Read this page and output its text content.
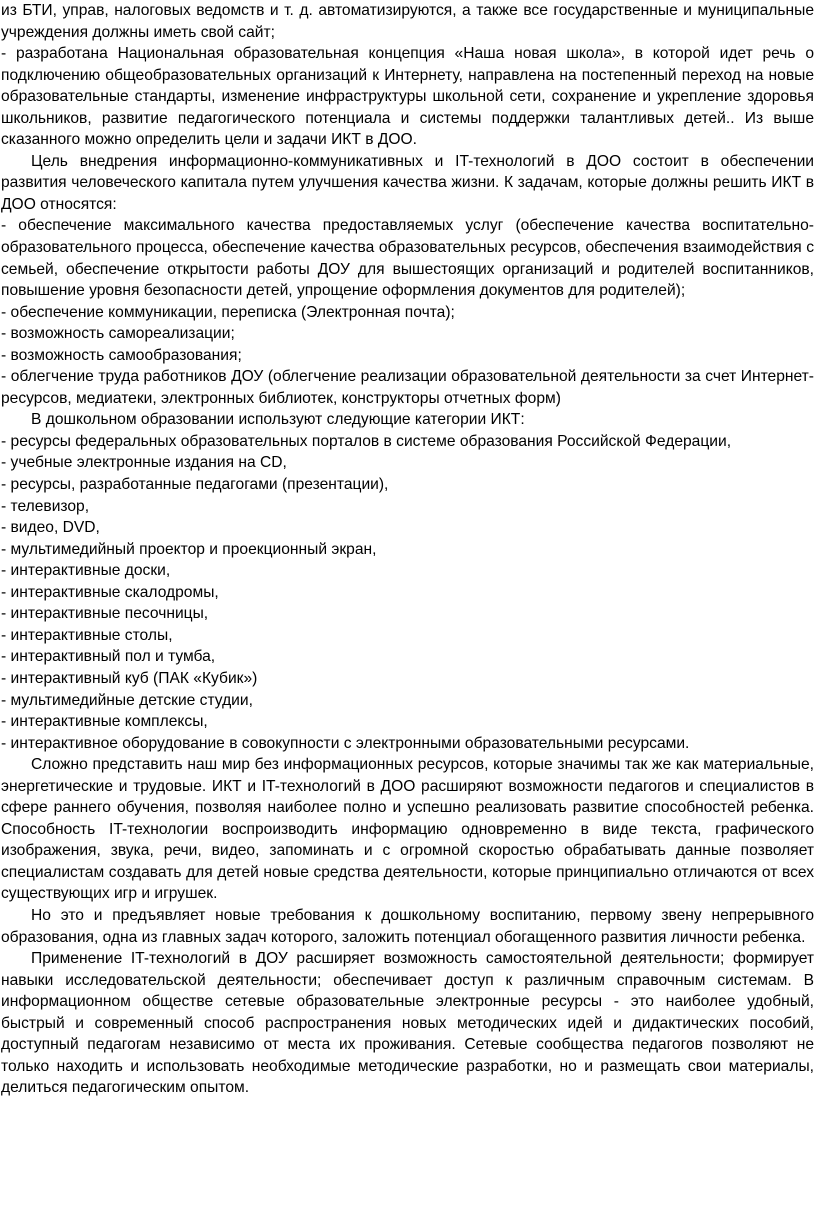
из БТИ, управ, налоговых ведомств и т. д. автоматизируются, а также все государственные и муниципальные учреждения должны иметь свой сайт;

- разработана Национальная образовательная концепция «Наша новая школа», в которой идет речь о подключению общеобразовательных организаций к Интернету, направлена на постепенный переход на новые образовательные стандарты, изменение инфраструктуры школьной сети, сохранение и укрепление здоровья школьников, развитие педагогического потенциала и системы поддержки талантливых детей.. Из выше сказанного можно определить цели и задачи ИКТ в ДОО.

Цель внедрения информационно-коммуникативных и IT-технологий в ДОО состоит в обеспечении развития человеческого капитала путем улучшения качества жизни. К задачам, которые должны решить ИКТ в ДОО относятся:

- обеспечение максимального качества предоставляемых услуг (обеспечение качества воспитательно-образовательного процесса, обеспечение качества образовательных ресурсов, обеспечения взаимодействия с семьей, обеспечение открытости работы ДОУ для вышестоящих организаций и родителей воспитанников, повышение уровня безопасности детей, упрощение оформления документов для родителей);

- обеспечение коммуникации, переписка (Электронная почта);

- возможность самореализации;

- возможность самообразования;

- облегчение труда работников ДОУ (облегчение реализации образовательной деятельности за счет Интернет-ресурсов, медиатеки, электронных библиотек, конструкторы отчетных форм)

В дошкольном образовании используют следующие категории ИКТ:

- ресурсы федеральных образовательных порталов в системе образования Российской Федерации,

- учебные электронные издания на CD,

- ресурсы, разработанные педагогами (презентации),

- телевизор,

- видео, DVD,

- мультимедийный проектор и проекционный экран,

- интерактивные доски,

- интерактивные скалодромы,

- интерактивные песочницы,

- интерактивные столы,

- интерактивный пол и тумба,

- интерактивный куб (ПАК «Кубик»)

- мультимедийные детские студии,

- интерактивные комплексы,

- интерактивное оборудование в совокупности с электронными образовательными ресурсами.

Сложно представить наш мир без информационных ресурсов, которые значимы так же как материальные, энергетические и трудовые. ИКТ и IT-технологий в ДОО расширяют возможности педагогов и специалистов в сфере раннего обучения, позволяя наиболее полно и успешно реализовать развитие способностей ребенка. Способность IT-технологии воспроизводить информацию одновременно в виде текста, графического изображения, звука, речи, видео, запоминать и с огромной скоростью обрабатывать данные позволяет специалистам создавать для детей новые средства деятельности, которые принципиально отличаются от всех существующих игр и игрушек.

Но это и предъявляет новые требования к дошкольному воспитанию, первому звену непрерывного образования, одна из главных задач которого, заложить потенциал обогащенного развития личности ребенка.

Применение IT-технологий в ДОУ расширяет возможность самостоятельной деятельности; формирует навыки исследовательской деятельности; обеспечивает доступ к различным справочным системам. В информационном обществе сетевые образовательные электронные ресурсы - это наиболее удобный, быстрый и современный способ распространения новых методических идей и дидактических пособий, доступный педагогам независимо от места их проживания. Сетевые сообщества педагогов позволяют не только находить и использовать необходимые методические разработки, но и размещать свои материалы, делиться педагогическим опытом.
